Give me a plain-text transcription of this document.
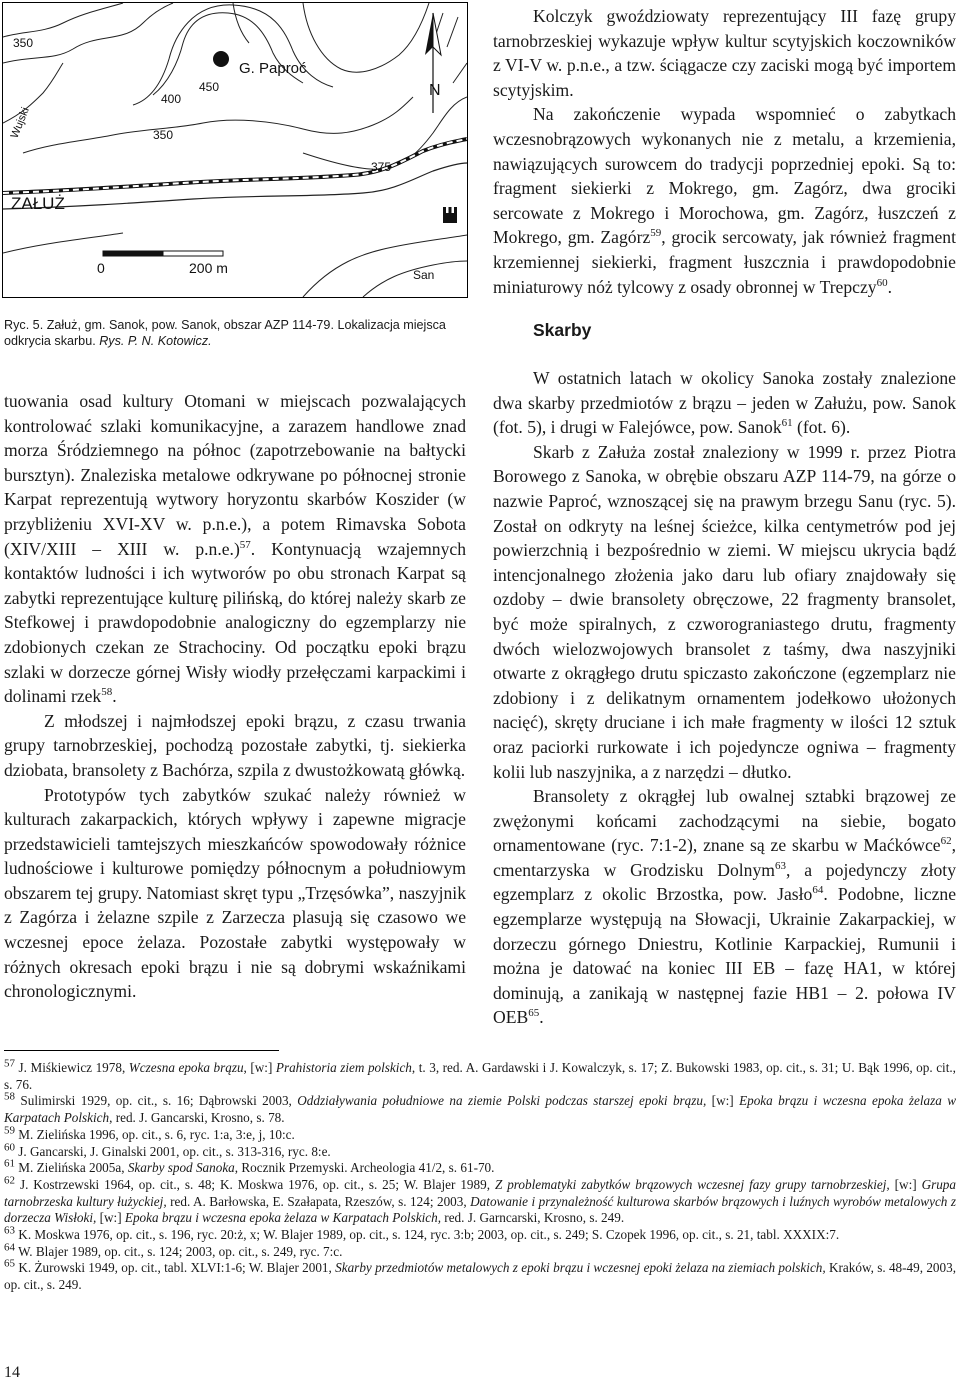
350
350
400
450
375
G. Paproć
N
ZAŁUŻ
Wujski
San
0	200 m
Ryc. 5. Załuż, gm. Sanok, pow. Sanok, obszar AZP 114-79. Lokalizacja miejsca odkrycia skarbu. Rys. P. N. Kotowicz.

tuowania osad kultury Otomani w miejscach pozwalających kontrolować szlaki komunikacyjne, a zarazem handlowe znad morza Śródziemnego na północ (zapotrzebowanie na bałtycki bursztyn). Znaleziska metalowe odkrywane po północnej stronie Karpat reprezentują wytwory horyzontu skarbów Koszider (w przybliżeniu XVI-XV w. p.n.e.), a potem Rimavska Sobota (XIV/XIII – XIII w. p.n.e.)$^{57}$. Kontynuacją wzajemnych kontaktów ludności i ich wytworów po obu stronach Karpat są zabytki reprezentujące kulturę pilińską, do której należy skarb ze Stefkowej i prawdopodobnie analogiczny do egzemplarzy nie zdobionych czekan ze Strachociny. Od początku epoki brązu szlaki w dorzecze górnej Wisły wiodły przełęczami karpackimi i dolinami rzek$^{58}$.

Z młodszej i najmłodszej epoki brązu, z czasu trwania grupy tarnobrzeskiej, pochodzą pozostałe zabytki, tj. siekierka dziobata, bransolety z Bachórza, szpila z dwustożkowatą główką.

Prototypów tych zabytków szukać należy również w kulturach zakarpackich, których wpływy i zapewne migracje przedstawicieli tamtejszych mieszkańców spowodowały różnice ludnościowe i kulturowe pomiędzy północnym a południowym obszarem tej grupy. Natomiast skręt typu „Trzęsówka”, naszyjnik z Zagórza i żelazne szpile z Zarzecza plasują się czasowo we wczesnej epoce żelaza. Pozostałe zabytki występowały w różnych okresach epoki brązu i nie są dobrymi wskaźnikami chronologicznymi.

Kolczyk gwoździowaty reprezentujący III fazę grupy tarnobrzeskiej wykazuje wpływ kultur scytyjskich koczowników z VI-V w. p.n.e., a tzw. ściągacze czy zaciski mogą być importem scytyjskim.

Na zakończenie wypada wspomnieć o zabytkach wczesnobrązowych wykonanych nie z metalu, a krzemienia, nawiązujących surowcem do tradycji poprzedniej epoki. Są to: fragment siekierki z Mokrego, gm. Zagórz, dwa grociki sercowate z Mokrego i Morochowa, gm. Zagórz, łuszczeń z Mokrego, gm. Zagórz$^{59}$, grocik sercowaty, jak również fragment krzemiennej siekierki, fragment łuszcznia i prawdopodobnie miniaturowy nóż tylcowy z osady obronnej w Trepczy$^{60}$.

Skarby

W ostatnich latach w okolicy Sanoka zostały znalezione dwa skarby przedmiotów z brązu – jeden w Załużu, pow. Sanok (fot. 5), i drugi w Falejówce, pow. Sanok$^{61}$ (fot. 6).

Skarb z Załuża został znaleziony w 1999 r. przez Piotra Borowego z Sanoka, w obrębie obszaru AZP 114-79, na górze o nazwie Paproć, wznoszącej się na prawym brzegu Sanu (ryc. 5). Został on odkryty na leśnej ścieżce, kilka centymetrów pod jej powierzchnią i bezpośrednio w ziemi. W miejscu ukrycia bądź intencjonalnego złożenia jako daru lub ofiary znajdowały się ozdoby – dwie bransolety obręczowe, 22 fragmenty bransolet, być może spiralnych, z czworograniastego drutu, fragmenty dwóch wielozwojowych bransolet z taśmy, dwa naszyjniki otwarte z okrągłego drutu spiczasto zakończone (egzemplarz nie zdobiony i z delikatnym ornamentem jodełkowo ułożonych nacięć), skręty druciane i ich małe fragmenty w ilości 12 sztuk oraz paciorki rurkowate i ich pojedyncze ogniwa – fragmenty kolii lub naszyjnika, a z narzędzi – dłutko.

Bransolety z okrągłej lub owalnej sztabki brązowej ze zwężonymi końcami zachodzącymi na siebie, bogato ornamentowane (ryc. 7:1-2), znane są ze skarbu w Maćkówce$^{62}$, cmentarzyska w Grodzisku Dolnym$^{63}$, a pojedynczy złoty egzemplarz z okolic Brzostka, pow. Jasło$^{64}$. Podobne, liczne egzemplarze występują na Słowacji, Ukrainie Zakarpackiej, w dorzeczu górnego Dniestru, Kotlinie Karpackiej, Rumunii i można je datować na koniec III EB – fazę HA1, w której dominują, a zanikają w następnej fazie HB1 – 2. połowa IV OEB$^{65}$.

$^{57}$ J. Miśkiewicz 1978, Wczesna epoka brązu, [w:] Prahistoria ziem polskich, t. 3, red. A. Gardawski i J. Kowalczyk, s. 17; Z. Bukowski 1983, op. cit., s. 31; U. Bąk 1996, op. cit., s. 76.

$^{58}$ Sulimirski 1929, op. cit., s. 16; Dąbrowski 2003, Oddziaływania południowe na ziemie Polski podczas starszej epoki brązu, [w:] Epoka brązu i wczesna epoka żelaza w Karpatach Polskich, red. J. Gancarski, Krosno, s. 78.

$^{59}$ M. Zielińska 1996, op. cit., s. 6, ryc. 1:a, 3:e, j, 10:c.

$^{60}$ J. Gancarski, J. Ginalski 2001, op. cit., s. 313-316, ryc. 8:e.

$^{61}$ M. Zielińska 2005a, Skarby spod Sanoka, Rocznik Przemyski. Archeologia 41/2, s. 61-70.

$^{62}$ J. Kostrzewski 1964, op. cit., s. 48; K. Moskwa 1976, op. cit., s. 25; W. Blajer 1989, Z problematyki zabytków brązowych wczesnej fazy grupy tarnobrzeskiej, [w:] Grupa tarnobrzeska kultury łużyckiej, red. A. Barłowska, E. Szałapata, Rzeszów, s. 124; 2003, Datowanie i przynależność kulturowa skarbów brązowych i luźnych wyrobów metalowych z dorzecza Wisłoki, [w:] Epoka brązu i wczesna epoka żelaza w Karpatach Polskich, red. J. Garncarski, Krosno, s. 249.

$^{63}$ K. Moskwa 1976, op. cit., s. 196, ryc. 20:ż, x; W. Blajer 1989, op. cit., s. 124, ryc. 3:b; 2003, op. cit., s. 249; S. Czopek 1996, op. cit., s. 21, tabl. XXXIX:7.

$^{64}$ W. Blajer 1989, op. cit., s. 124; 2003, op. cit., s. 249, ryc. 7:c.

$^{65}$ K. Żurowski 1949, op. cit., tabl. XLVI:1-6; W. Blajer 2001, Skarby przedmiotów metalowych z epoki brązu i wczesnej epoki żelaza na ziemiach polskich, Kraków, s. 48-49, 2003, op. cit., s. 249.

14
